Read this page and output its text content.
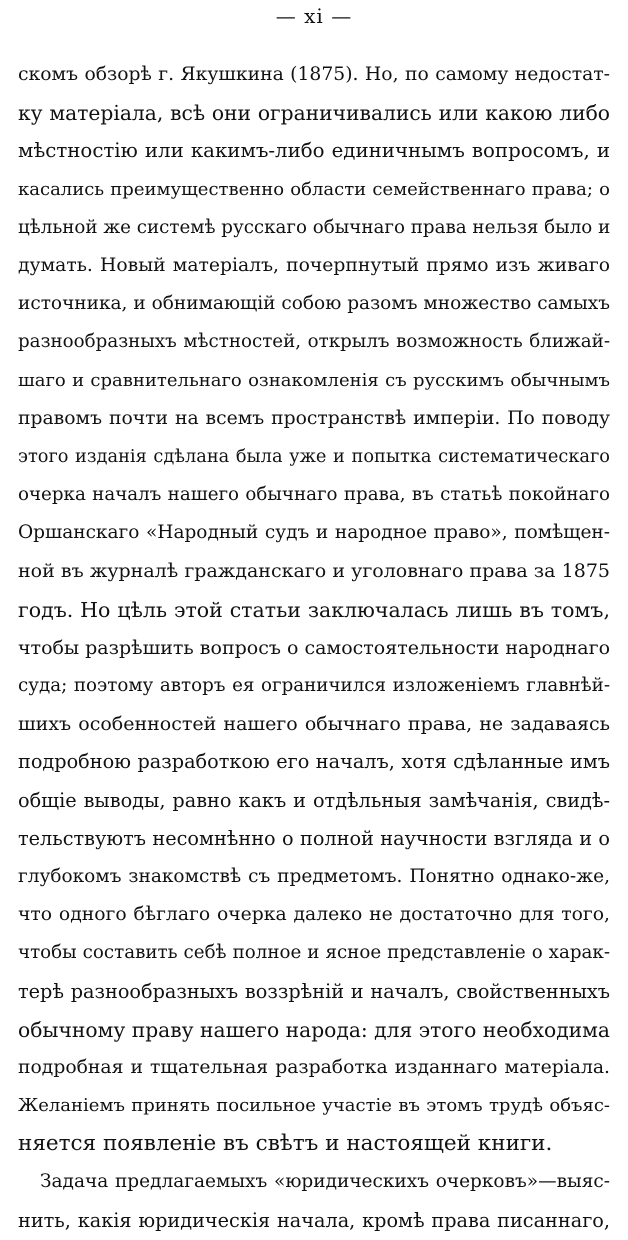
— xi —
скомъ обзорѣ г. Якушкина (1875). Но, по самому недостат-
ку матеріала, всѣ они ограничивались или какою либо
мѣстностію или какимъ-либо единичнымъ вопросомъ, и
касались преимущественно области семейственнаго права; о
цѣльной же системѣ русскаго обычнаго права нельзя было и
думать. Новый матеріалъ, почерпнутый прямо изъ живаго
источника, и обнимающій собою разомъ множество самыхъ
разнообразныхъ мѣстностей, открылъ возможность ближай-
шаго и сравнительнаго ознакомленія съ русскимъ обычнымъ
правомъ почти на всемъ пространствѣ имперіи. По поводу
этого изданія сдѣлана была уже и попытка систематическаго
очерка началъ нашего обычнаго права, въ статьѣ покойнаго
Оршанскаго «Народный судъ и народное право», помѣщен-
ной въ журналѣ гражданскаго и уголовнаго права за 1875
годъ. Но цѣль этой статьи заключалась лишь въ томъ,
чтобы разрѣшить вопросъ о самостоятельности народнаго
суда; поэтому авторъ ея ограничился изложеніемъ главнѣй-
шихъ особенностей нашего обычнаго права, не задаваясь
подробною разработкою его началъ, хотя сдѣланные имъ
общіе выводы, равно какъ и отдѣльныя замѣчанія, свидѣ-
тельствуютъ несомнѣнно о полной научности взгляда и о
глубокомъ знакомствѣ съ предметомъ. Понятно однако-же,
что одного бѣглаго очерка далеко не достаточно для того,
чтобы составить себѣ полное и ясное представленіе о харак-
терѣ разнообразныхъ воззрѣній и началъ, свойственныхъ
обычному праву нашего народа: для этого необходима
подробная и тщательная разработка изданнаго матеріала.
Желаніемъ принять посильное участіе въ этомъ трудѣ объяс-
няется появленіе въ свѣтъ и настоящей книги.
Задача предлагаемыхъ «юридическихъ очерковъ»—выяс-
нить, какія юридическія начала, кромѣ права писаннаго,
